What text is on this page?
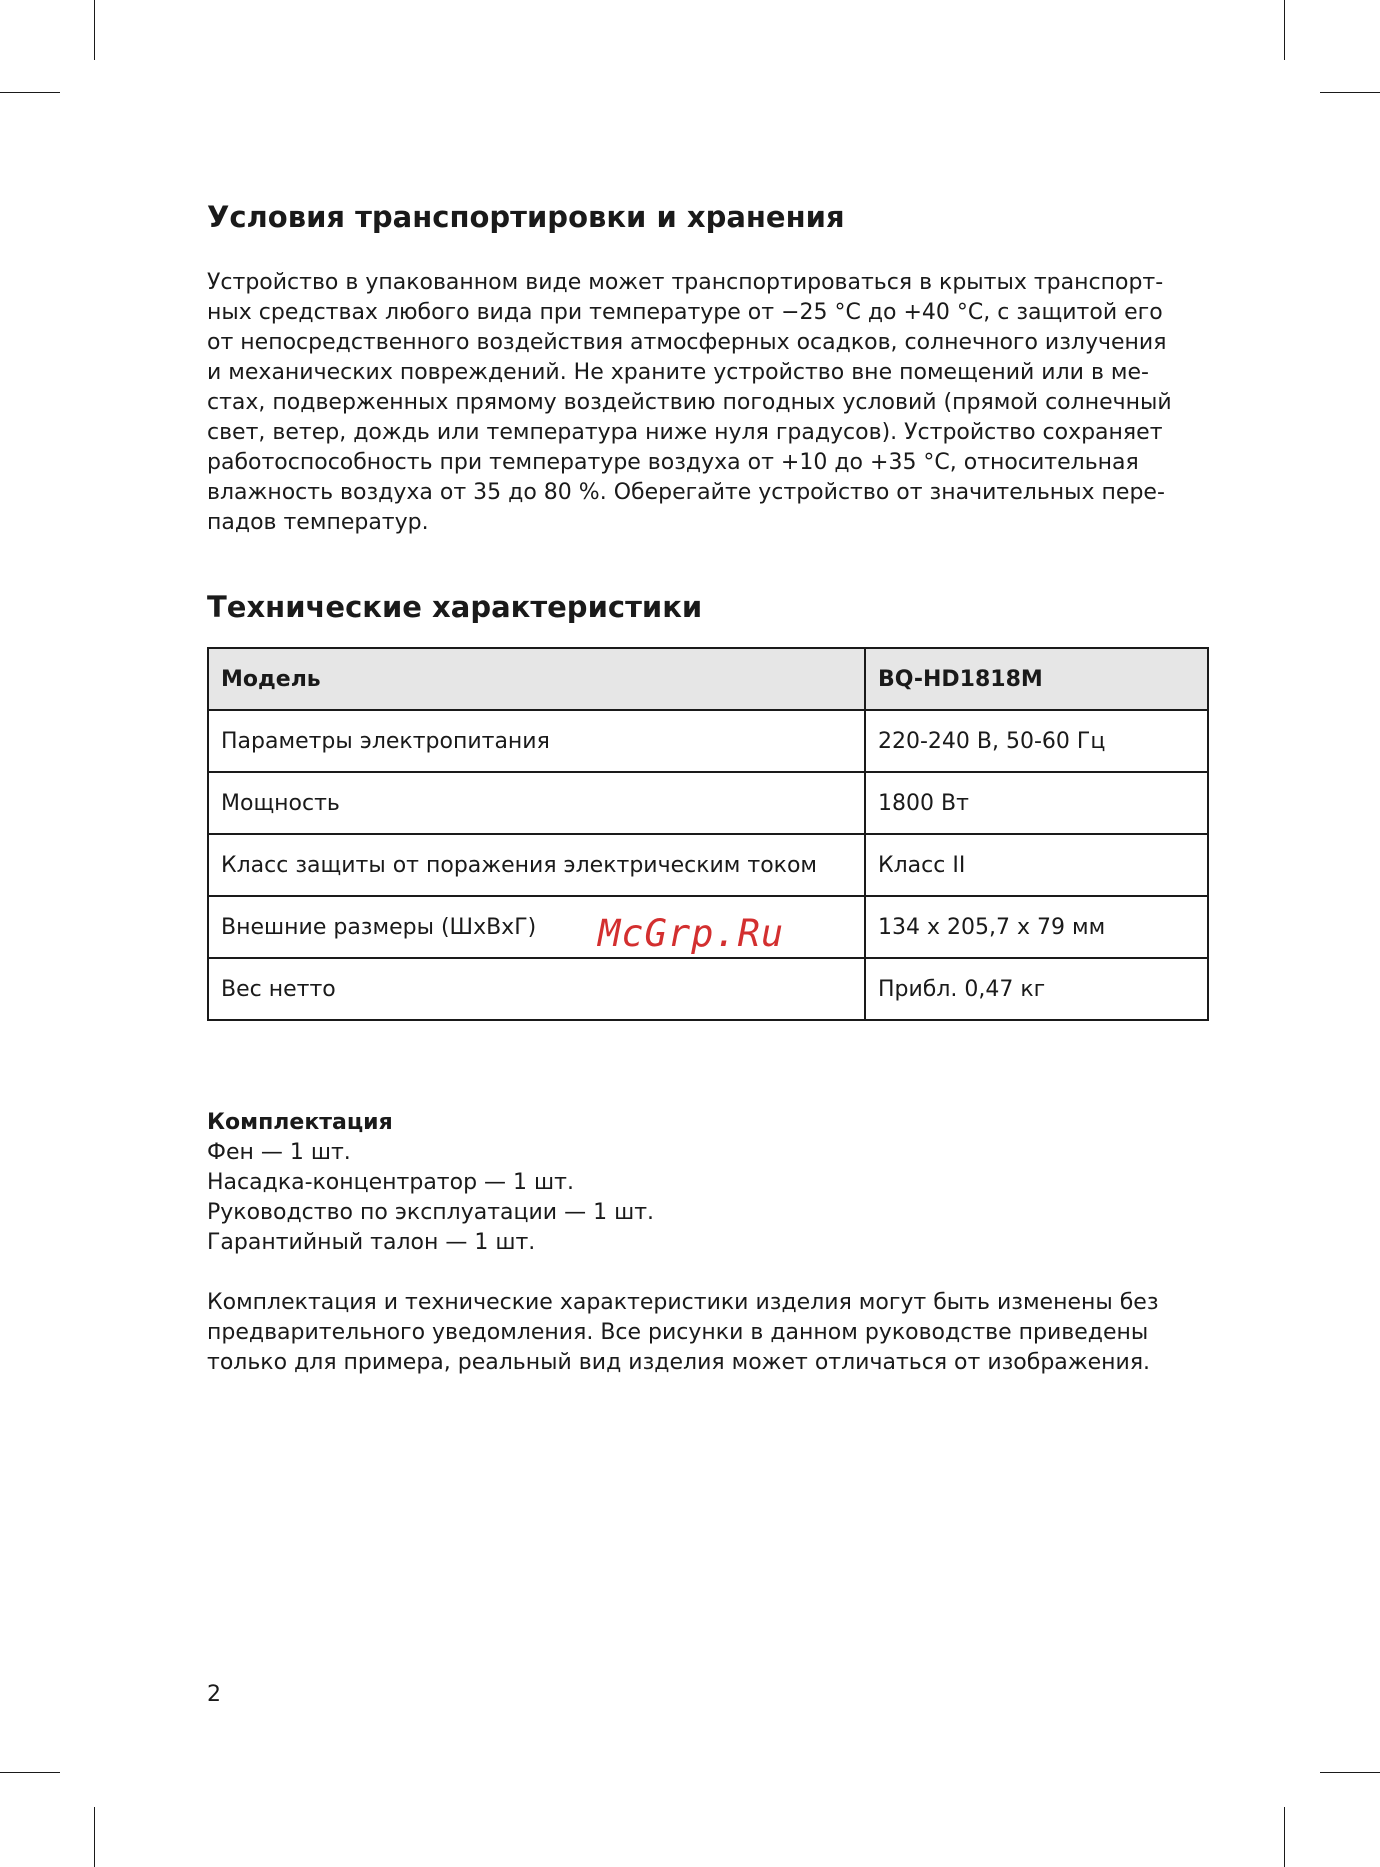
Условия транспортировки и хранения

Устройство в упакованном виде может транспортироваться в крытых транспорт-
ных средствах любого вида при температуре от −25 °C до +40 °C, с защитой его
от непосредственного воздействия атмосферных осадков, солнечного излучения
и механических повреждений. Не храните устройство вне помещений или в ме-
стах, подверженных прямому воздействию погодных условий (прямой солнечный
свет, ветер, дождь или температура ниже нуля градусов). Устройство сохраняет
работоспособность при температуре воздуха от +10 до +35 °C, относительная
влажность воздуха от 35 до 80 %. Оберегайте устройство от значительных пере-
падов температур.

Технические характеристики
Модель	BQ-HD1818M
Параметры электропитания	220-240 В, 50-60 Гц
Мощность	1800 Вт
Класс защиты от поражения электрическим током	Класс II
Внешние размеры (ШхВхГ)	134 x 205,7 x 79 мм
Вес нетто	Прибл. 0,47 кг
Комплектация
Фен — 1 шт.
Насадка-концентратор — 1 шт.
Руководство по эксплуатации — 1 шт.
Гарантийный талон — 1 шт.

Комплектация и технические характеристики изделия могут быть изменены без
предварительного уведомления. Все рисунки в данном руководстве приведены
только для примера, реальный вид изделия может отличаться от изображения.

McGrp.Ru
2
